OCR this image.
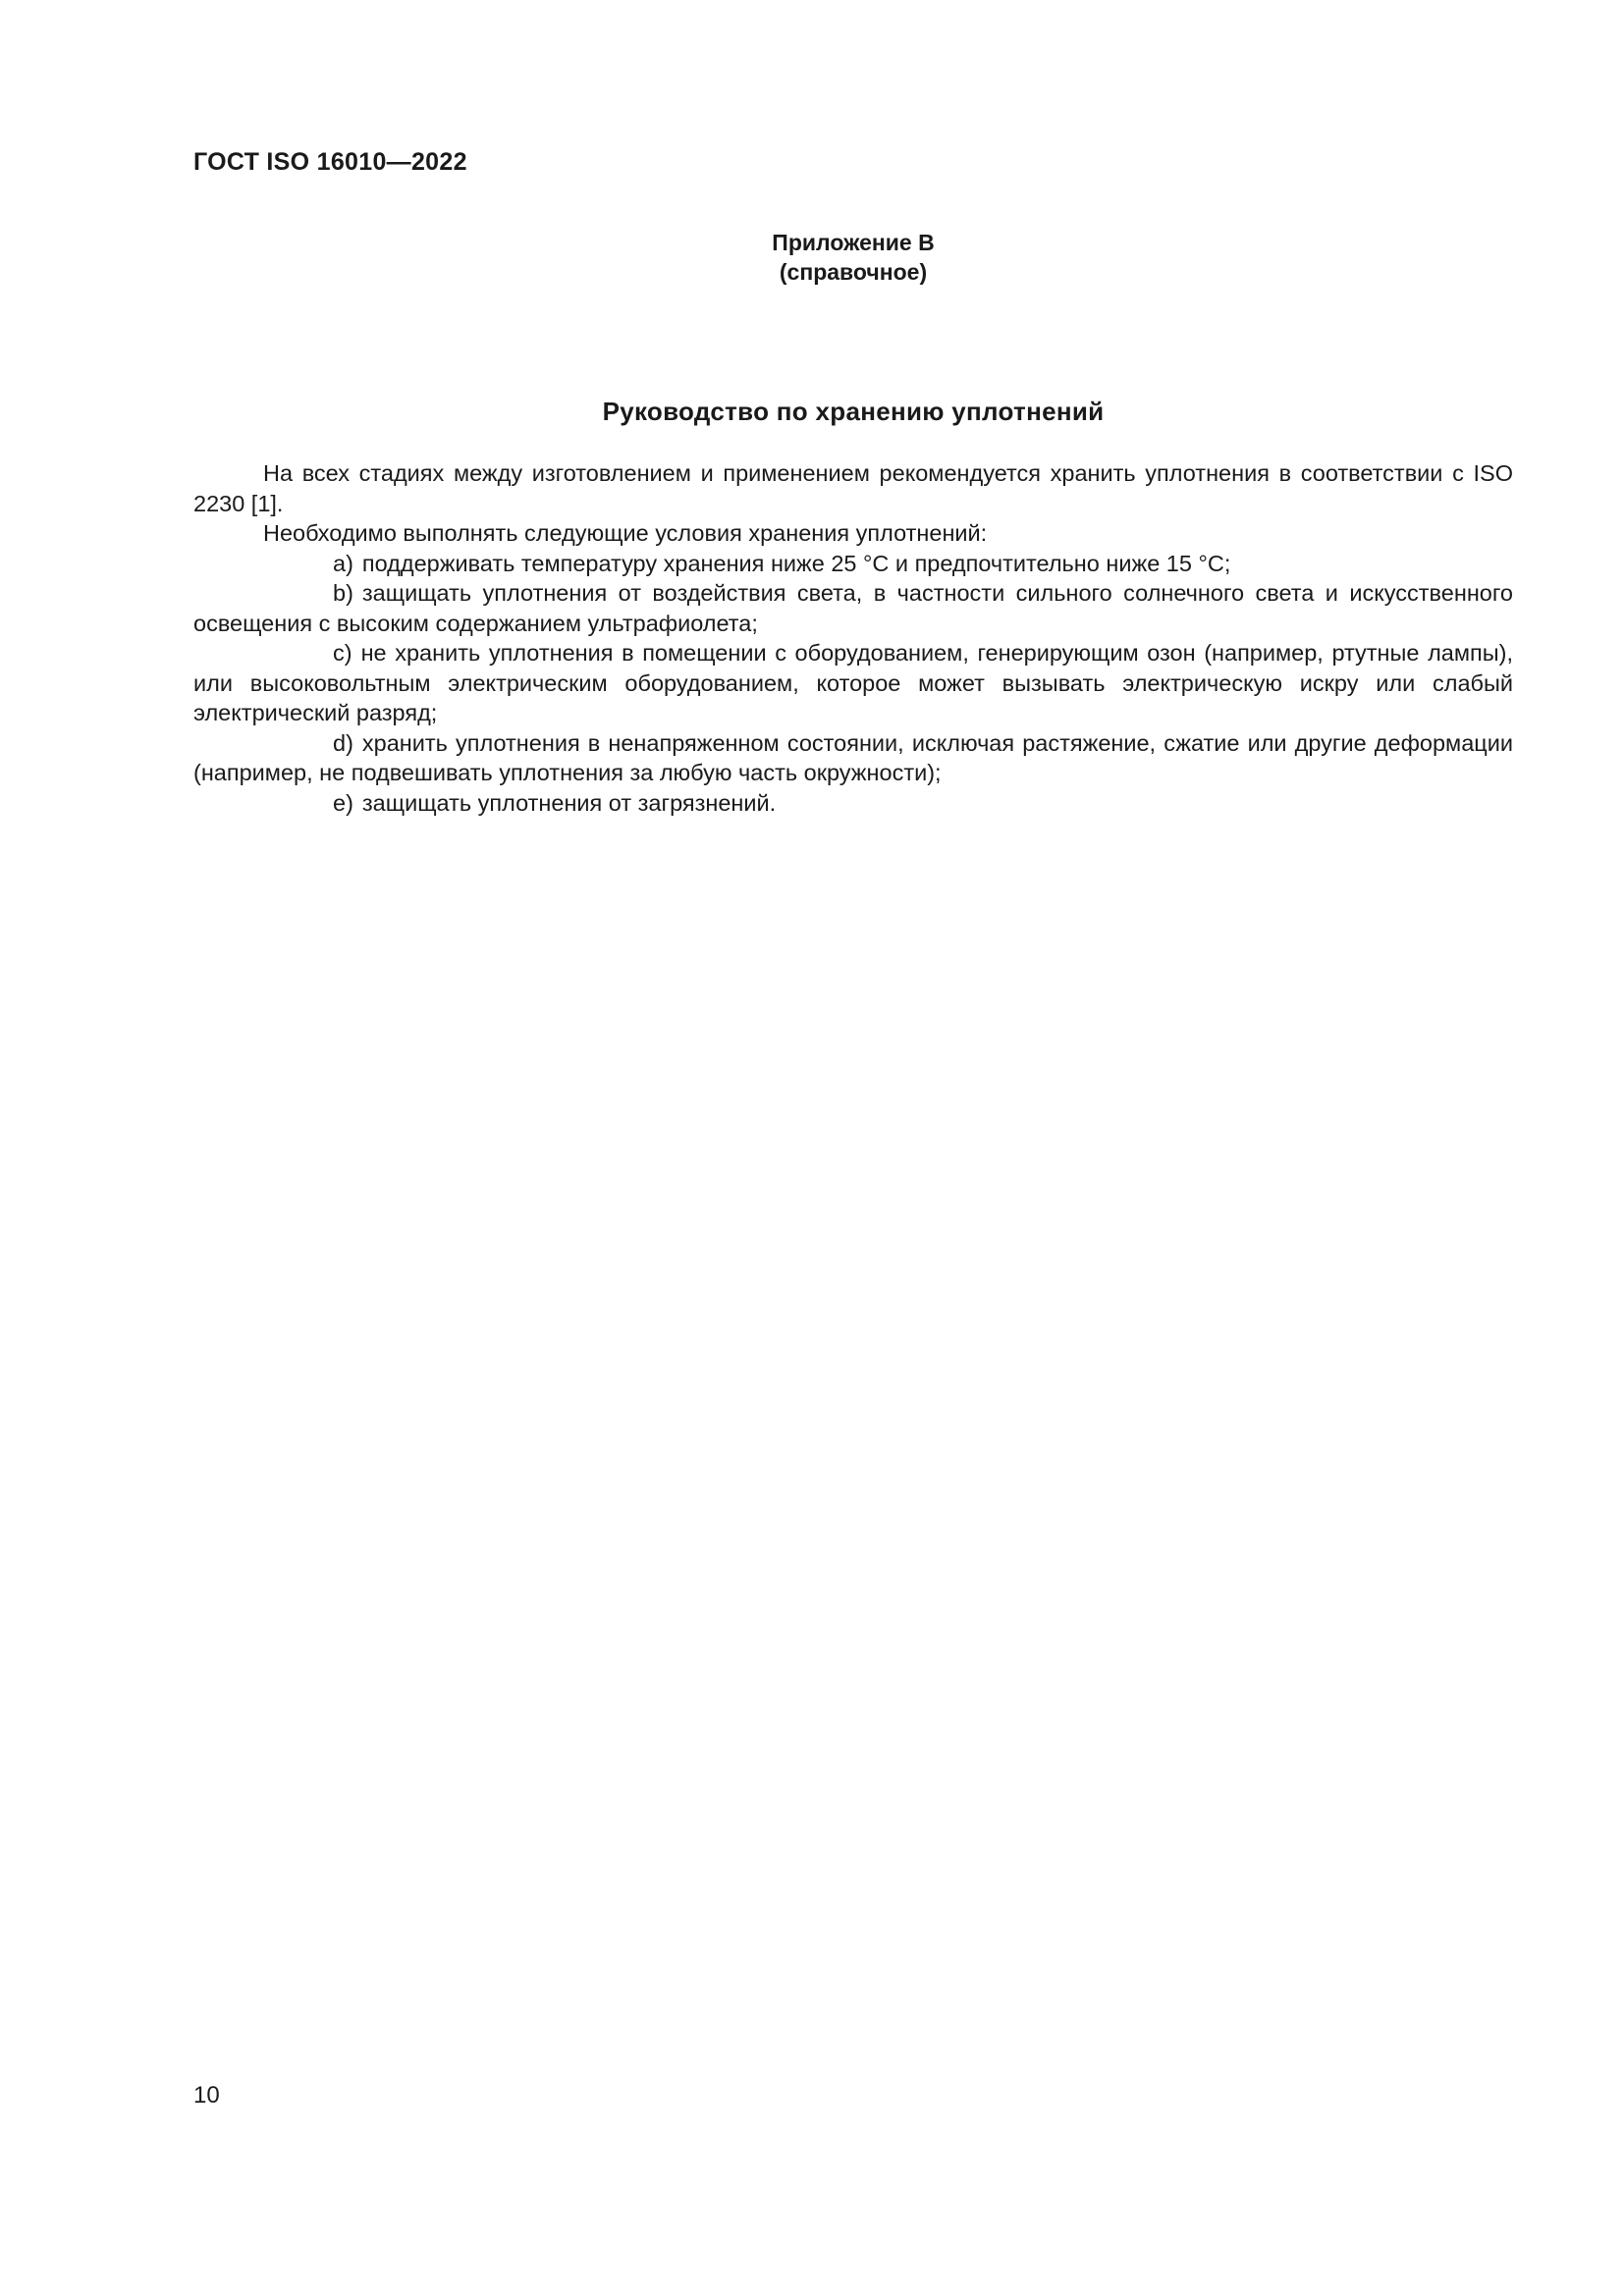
ГОСТ ISO 16010—2022
Приложение В
(справочное)
Руководство по хранению уплотнений

На всех стадиях между изготовлением и применением рекомендуется хранить уплотнения в соответствии с ISO 2230 [1].

Необходимо выполнять следующие условия хранения уплотнений:

a) поддерживать температуру хранения ниже 25 °С и предпочтительно ниже 15 °С;

b) защищать уплотнения от воздействия света, в частности сильного солнечного света и искусственного освещения с высоким содержанием ультрафиолета;

c) не хранить уплотнения в помещении с оборудованием, генерирующим озон (например, ртутные лампы), или высоковольтным электрическим оборудованием, которое может вызывать электрическую искру или слабый электрический разряд;

d) хранить уплотнения в ненапряженном состоянии, исключая растяжение, сжатие или другие деформации (например, не подвешивать уплотнения за любую часть окружности);

e) защищать уплотнения от загрязнений.

10
